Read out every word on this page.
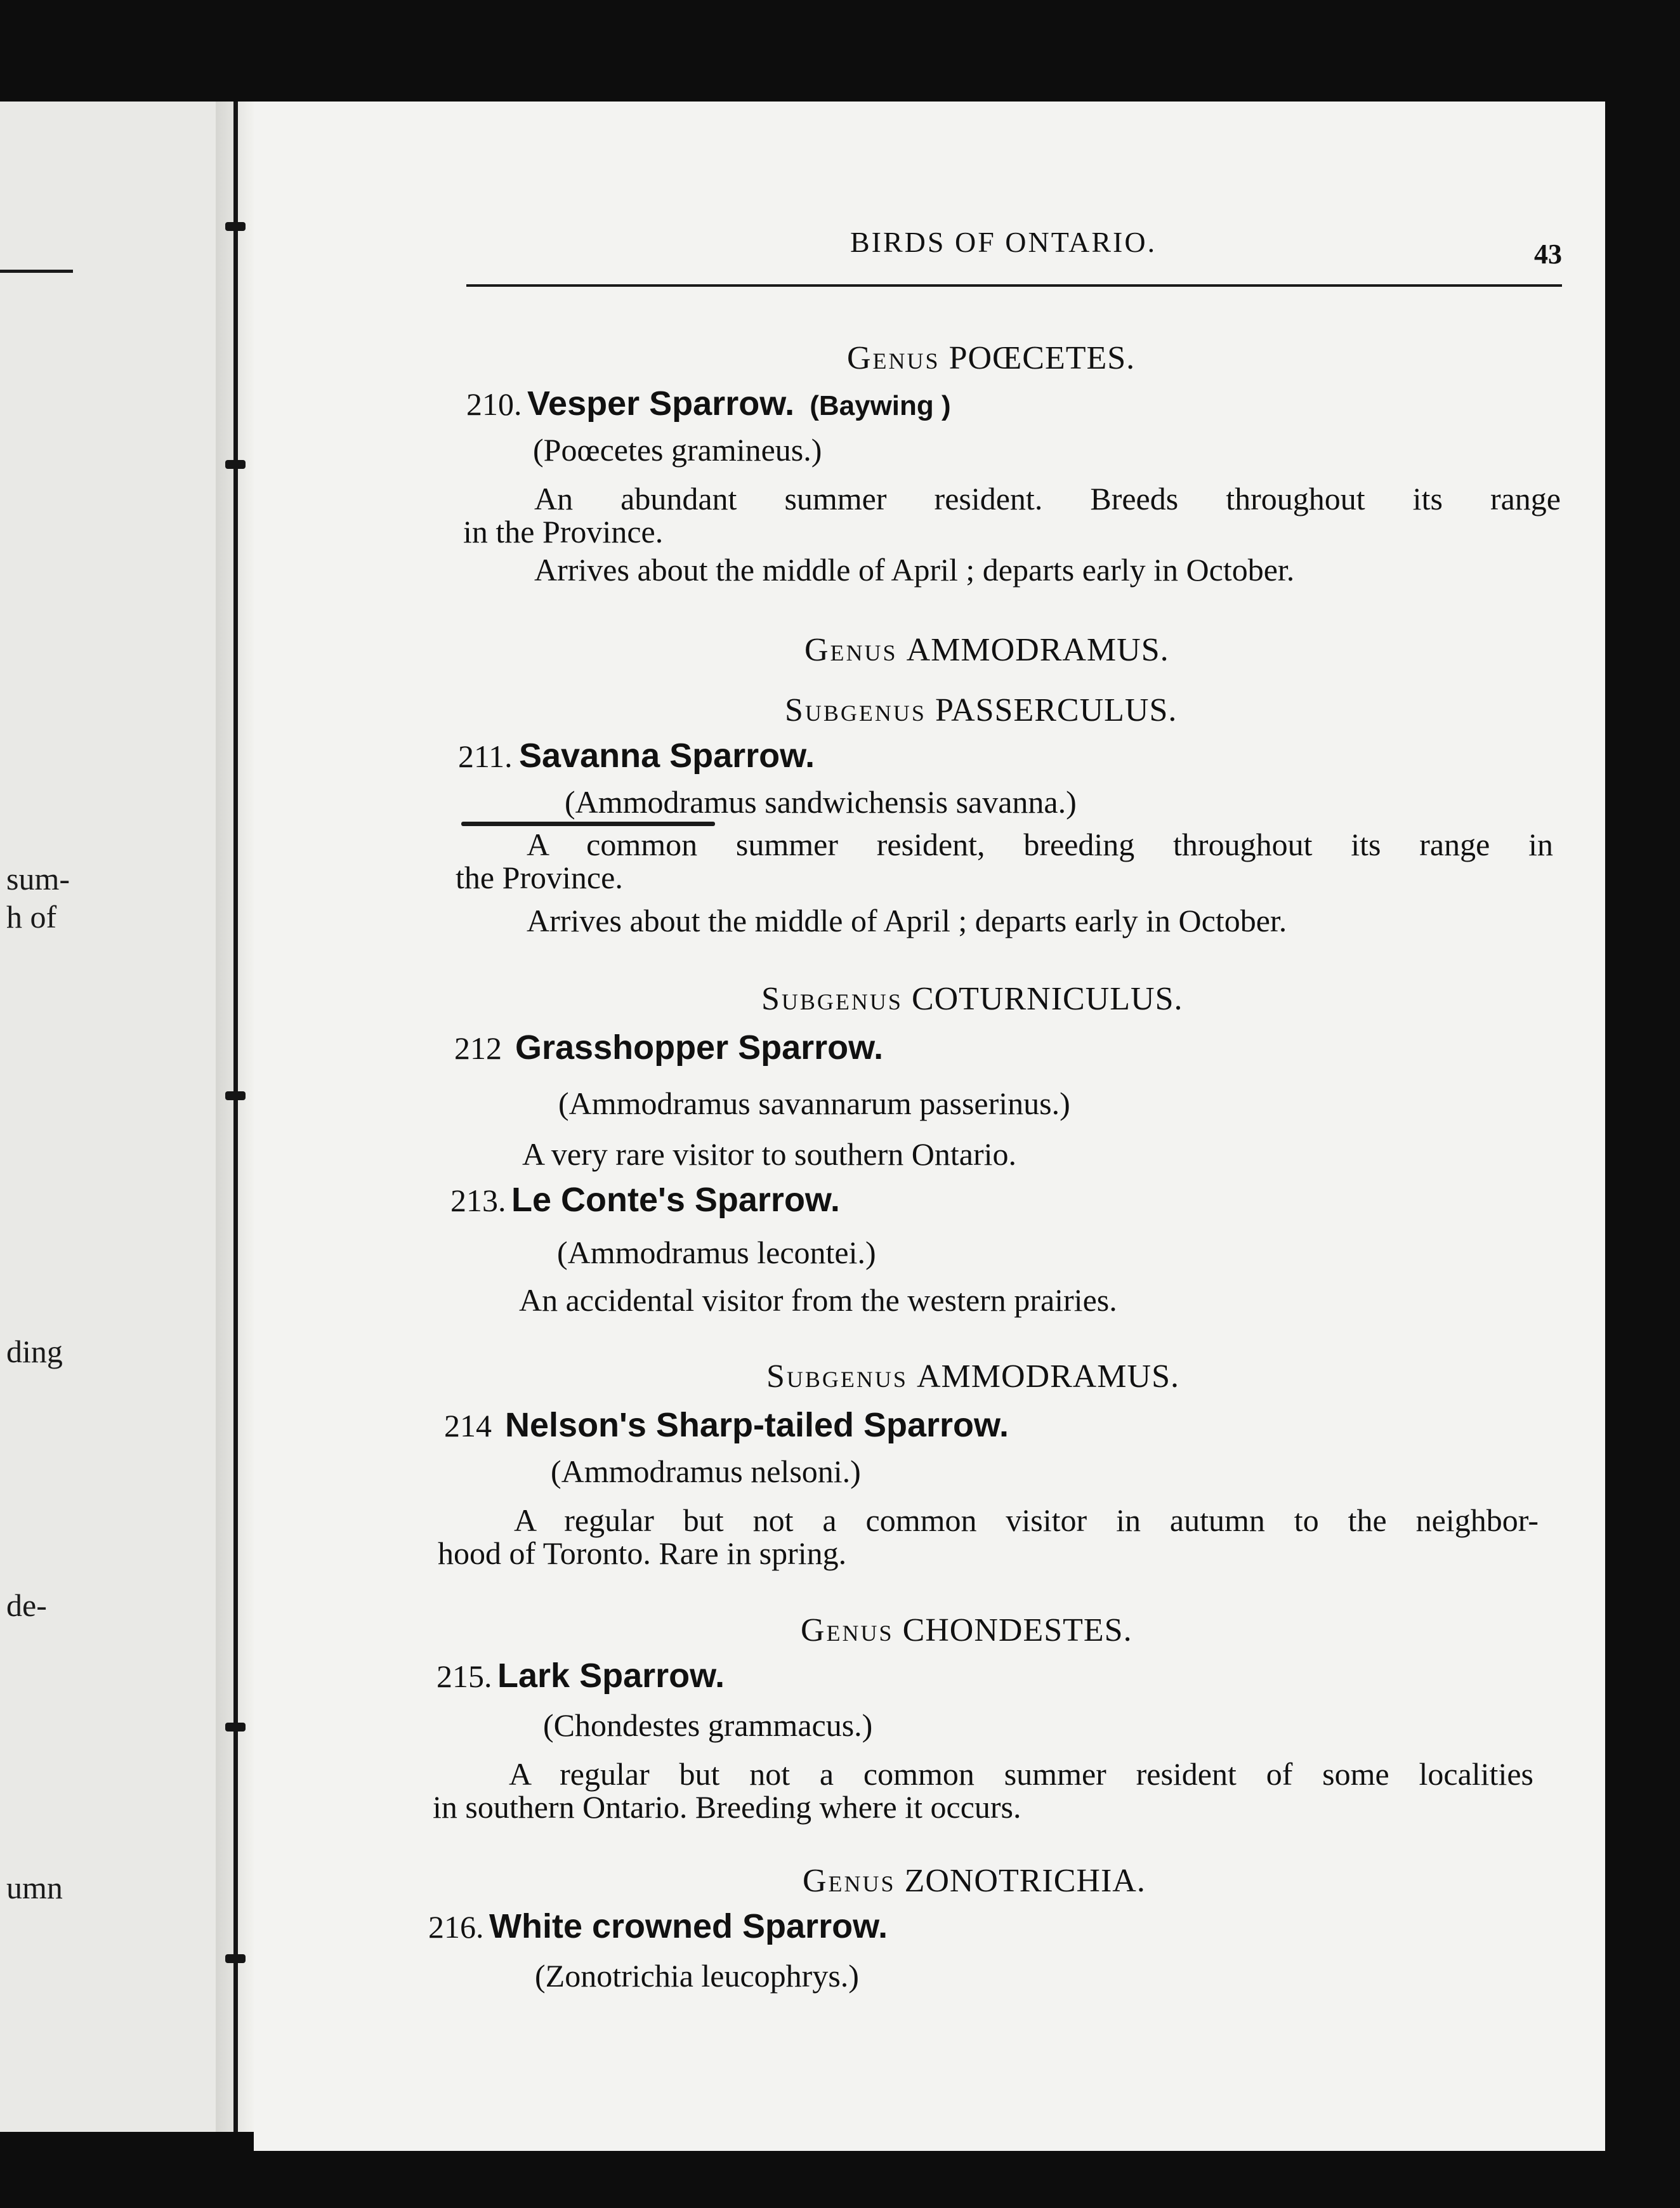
sum-
h of
ding
de-
umn
BIRDS OF ONTARIO.	43
Genus POŒCETES.
210. Vesper Sparrow. (Baywing )
(Poœcetes gramineus.)
An abundant summer resident. Breeds throughout its range
in the Province.
Arrives about the middle of April ; departs early in October.
Genus AMMODRAMUS.
Subgenus PASSERCULUS.
211. Savanna Sparrow.
(Ammodramus sandwichensis savanna.)
A common summer resident, breeding throughout its range in
the Province.
Arrives about the middle of April ; departs early in October.
Subgenus COTURNICULUS.
212 Grasshopper Sparrow.
(Ammodramus savannarum passerinus.)
A very rare visitor to southern Ontario.
213. Le Conte's Sparrow.
(Ammodramus lecontei.)
An accidental visitor from the western prairies.
Subgenus AMMODRAMUS.
214 Nelson's Sharp-tailed Sparrow.
(Ammodramus nelsoni.)
A regular but not a common visitor in autumn to the neighbor-
hood of Toronto. Rare in spring.
Genus CHONDESTES.
215. Lark Sparrow.
(Chondestes grammacus.)
A regular but not a common summer resident of some localities
in southern Ontario. Breeding where it occurs.
Genus ZONOTRICHIA.
216. White crowned Sparrow.
(Zonotrichia leucophrys.)
